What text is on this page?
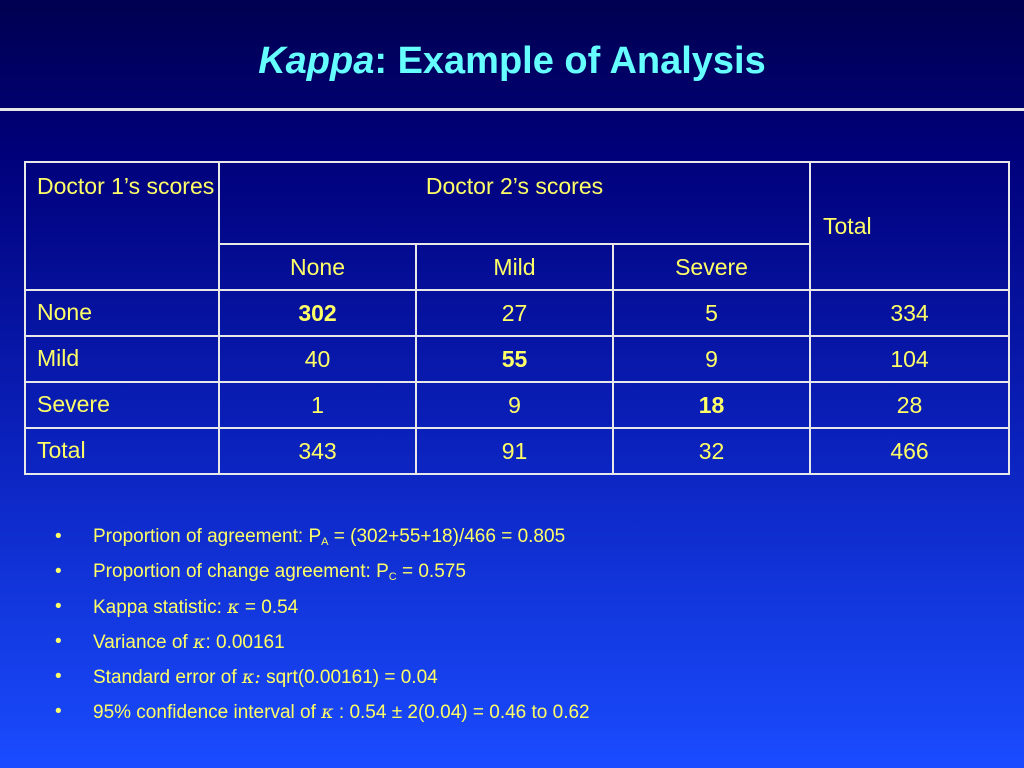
Kappa: Example of Analysis
Doctor 1’s scores	Doctor 2’s scores			Total
	None	Mild	Severe	
None	302	27	5	334
Mild	40	55	9	104
Severe	1	9	18	28
Total	343	91	32	466
• Proportion of agreement: $P_A = (302+55+18)/466 = 0.805$
• Proportion of change agreement: $P_C = 0.575$
• Kappa statistic: κ = 0.54
• Variance of κ: 0.00161
• Standard error of κ: sqrt(0.00161) = 0.04
• 95% confidence interval of κ : 0.54 ± 2(0.04) = 0.46 to 0.62
